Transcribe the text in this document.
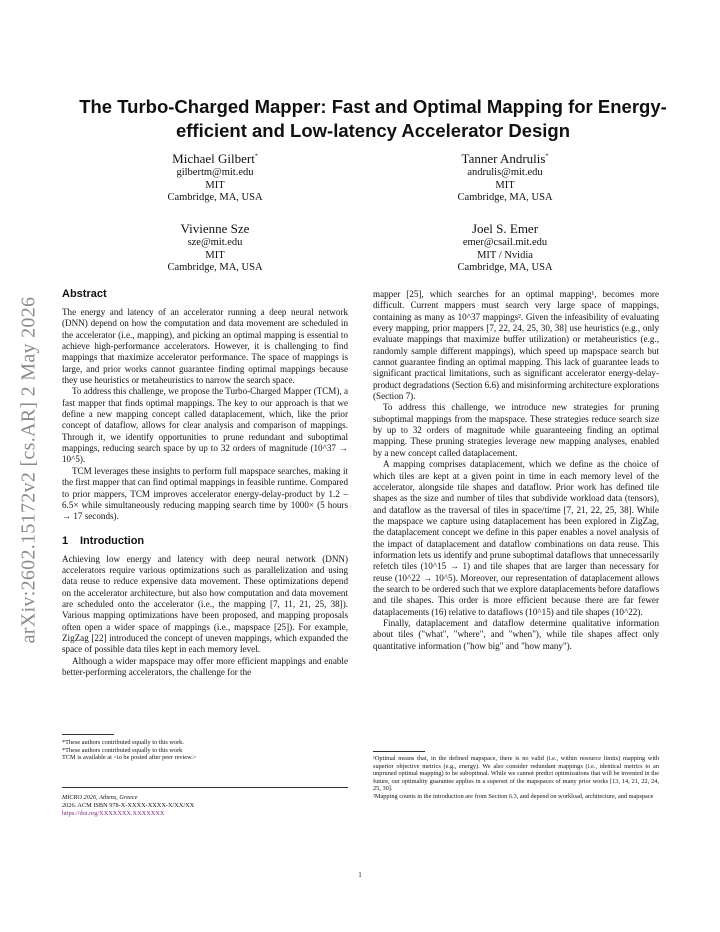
arXiv:2602.15172v2 [cs.AR] 2 May 2026
The Turbo-Charged Mapper: Fast and Optimal Mapping for Energy-efficient and Low-latency Accelerator Design
Michael Gilbert*
gilbertm@mit.edu
MIT
Cambridge, MA, USA
Tanner Andrulis*
andrulis@mit.edu
MIT
Cambridge, MA, USA
Vivienne Sze
sze@mit.edu
MIT
Cambridge, MA, USA
Joel S. Emer
emer@csail.mit.edu
MIT / Nvidia
Cambridge, MA, USA
Abstract

The energy and latency of an accelerator running a deep neural network (DNN) depend on how the computation and data movement are scheduled in the accelerator (i.e., mapping), and picking an optimal mapping is essential to achieve high-performance accelerators. However, it is challenging to find mappings that maximize accelerator performance. The space of mappings is large, and prior works cannot guarantee finding optimal mappings because they use heuristics or metaheuristics to narrow the search space.

To address this challenge, we propose the Turbo-Charged Mapper (TCM), a fast mapper that finds optimal mappings. The key to our approach is that we define a new mapping concept called dataplacement, which, like the prior concept of dataflow, allows for clear analysis and comparison of mappings. Through it, we identify opportunities to prune redundant and suboptimal mappings, reducing search space by up to 32 orders of magnitude (10^37 → 10^5).

TCM leverages these insights to perform full mapspace searches, making it the first mapper that can find optimal mappings in feasible runtime. Compared to prior mappers, TCM improves accelerator energy-delay-product by 1.2 – 6.5× while simultaneously reducing mapping search time by 1000× (5 hours → 17 seconds).

1 Introduction

Achieving low energy and latency with deep neural network (DNN) accelerators require various optimizations such as parallelization and using data reuse to reduce expensive data movement. These optimizations depend on the accelerator architecture, but also how computation and data movement are scheduled onto the accelerator (i.e., the mapping [7, 11, 21, 25, 38]). Various mapping optimizations have been proposed, and mapping proposals often open a wider space of mappings (i.e., mapspace [25]). For example, ZigZag [22] introduced the concept of uneven mappings, which expanded the space of possible data tiles kept in each memory level.

Although a wider mapspace may offer more efficient mappings and enable better-performing accelerators, the challenge for the

mapper [25], which searches for an optimal mapping¹, becomes more difficult. Current mappers must search very large space of mappings, containing as many as 10^37 mappings². Given the infeasibility of evaluating every mapping, prior mappers [7, 22, 24, 25, 30, 38] use heuristics (e.g., only evaluate mappings that maximize buffer utilization) or metaheuristics (e.g., randomly sample different mappings), which speed up mapspace search but cannot guarantee finding an optimal mapping. This lack of guarantee leads to significant practical limitations, such as significant accelerator energy-delay-product degradations (Section 6.6) and misinforming architecture explorations (Section 7).

To address this challenge, we introduce new strategies for pruning suboptimal mappings from the mapspace. These strategies reduce search size by up to 32 orders of magnitude while guaranteeing finding an optimal mapping. These pruning strategies leverage new mapping analyses, enabled by a new concept called dataplacement.

A mapping comprises dataplacement, which we define as the choice of which tiles are kept at a given point in time in each memory level of the accelerator, alongside tile shapes and dataflow. Prior work has defined tile shapes as the size and number of tiles that subdivide workload data (tensors), and dataflow as the traversal of tiles in space/time [7, 21, 22, 25, 38]. While the mapspace we capture using dataplacement has been explored in ZigZag, the dataplacement concept we define in this paper enables a novel analysis of the impact of dataplacement and dataflow combinations on data reuse. This information lets us identify and prune suboptimal dataflows that unnecessarily refetch tiles (10^15 → 1) and tile shapes that are larger than necessary for reuse (10^22 → 10^5). Moreover, our representation of dataplacement allows the search to be ordered such that we explore dataplacements before dataflows and tile shapes. This order is more efficient because there are far fewer dataplacements (16) relative to dataflows (10^15) and tile shapes (10^22).

Finally, dataplacement and dataflow determine qualitative information about tiles ("what", "where", and "when"), while tile shapes affect only quantitative information ("how big" and "how many").

*These authors contributed equally to this work.
*These authors contributed equally to this work
TCM is available at <to be posted after peer review.>
MICRO 2026, Athens, Greece
2026. ACM ISBN 978-X-XXXX-XXXX-X/XX/XX
https://doi.org/XXXXXXX.XXXXXXX
¹Optimal means that, in the defined mapspace, there is no valid (i.e., within resource limits) mapping with superior objective metrics (e.g., energy). We also consider redundant mappings (i.e., identical metrics to an unpruned optimal mapping) to be suboptimal. While we cannot predict optimizations that will be invented in the future, our optimality guarantee applies in a superset of the mapspaces of many prior works [13, 14, 21, 22, 24, 25, 30].
²Mapping counts in the introduction are from Section 6.3, and depend on workload, architecture, and mapspace
1
